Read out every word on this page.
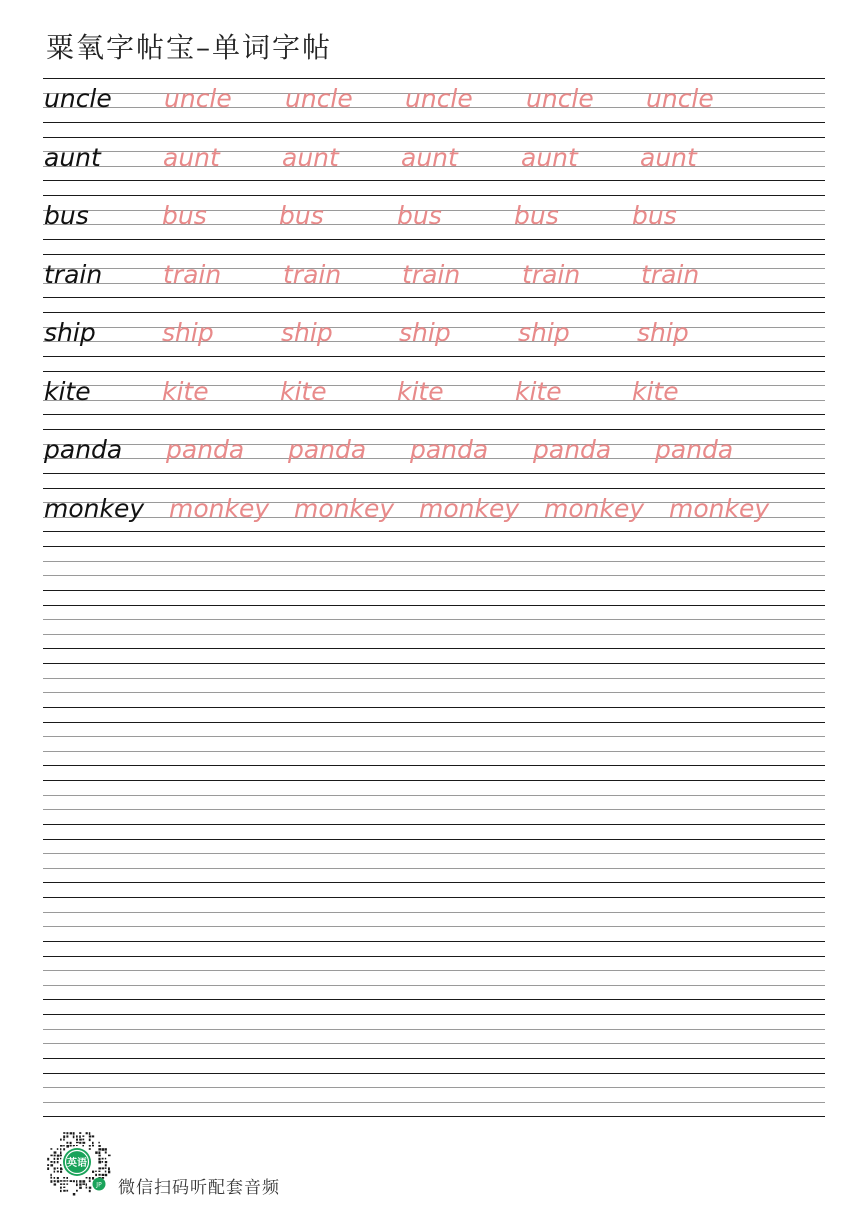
粟氧字帖宝–单词字帖
uncle uncle uncle uncle uncle uncle
aunt aunt aunt aunt	aunt aunt
bus	bus	bus	bus	bus	bus
train train train train train train
ship	ship	ship	ship	ship	ship
kite	kite	kite	kite	kite	kite
panda panda panda panda panda panda
monkey monkey monkey monkey monkey monkey
英语
JP 微信扫码听配套音频
